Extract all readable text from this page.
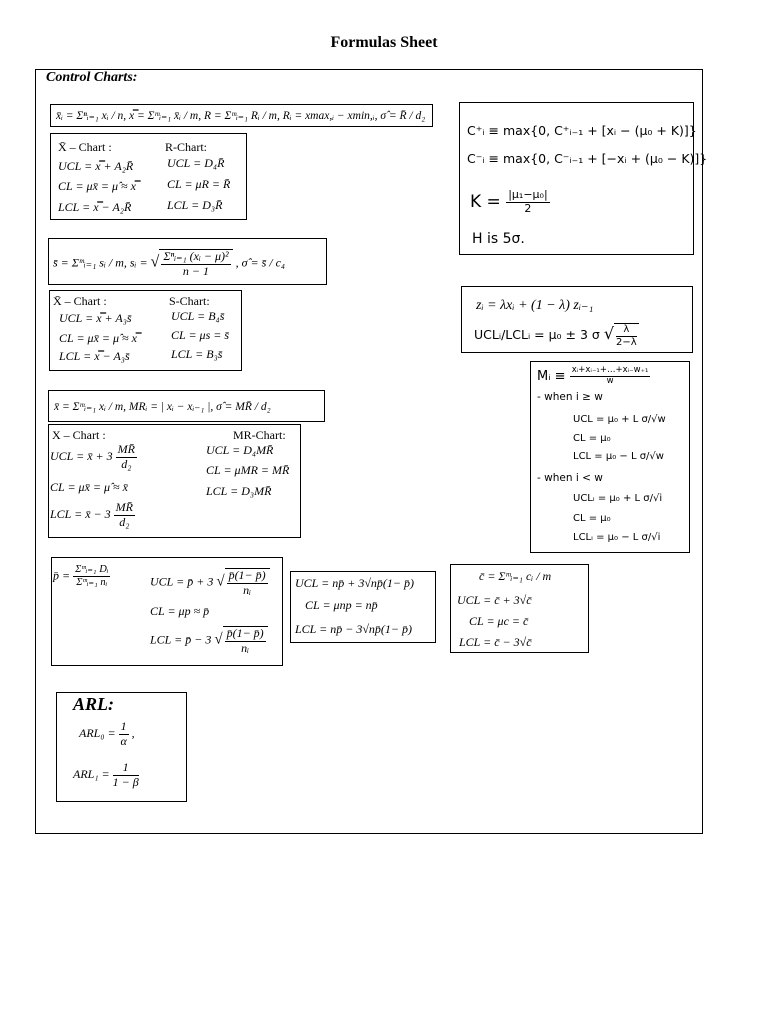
Formulas Sheet
Control Charts:
x̄ᵢ = Σⁿᵢ₌₁ xᵢ / n, x̿ = Σᵐᵢ₌₁ x̄ᵢ / m, R = Σᵐᵢ₌₁ Rᵢ / m, Rᵢ = xmax,ᵢ − xmin,ᵢ, σ̂ = R̄ / d₂
X̄ – Chart :
UCL = x̿ + A₂R̄
CL = μx̄ = μ̂ ≈ x̿
LCL = x̿ − A₂R̄
R-Chart:
UCL = D₄R̄
CL = μR = R̄
LCL = D₃R̄
C⁺ᵢ ≡ max{0, C⁺ᵢ₋₁ + [xᵢ − (μ₀ + K)]}
C⁻ᵢ ≡ max{0, C⁻ᵢ₋₁ + [−xᵢ + (μ₀ − K)]}
$K = \frac{\text{|μ₁−μ₀|}}{2}$
H is 5σ.
s̄ = Σᵐᵢ₌₁ sᵢ / m, sᵢ = √ $\frac{\text{Σⁿᵢ₌₁ (xᵢ − μ)²}}{n - 1}$ , σ̂ = s̄ / c₄
X̄ – Chart :
UCL = x̿ + A₃s̄
CL = μx̄ = μ̂ ≈ x̿
LCL = x̿ − A₃s̄
S-Chart:
UCL = B₄s̄
CL = μs = s̄
LCL = B₃s̄
zᵢ = λxᵢ + (1 − λ) zᵢ₋₁
UCLᵢ/LCLᵢ = μ₀ ± 3 σ √ $\frac{\lambda}{2-\lambda}$
Mᵢ ≡ $\frac{\text{xᵢ+xᵢ₋₁+…+xᵢ₋w₊₁}}{w}$
- when i ≥ w
UCL = μ₀ + L σ/√w
CL = μ₀
LCL = μ₀ − L σ/√w
- when i < w
UCLᵢ = μ₀ + L σ/√i
CL = μ₀
LCLᵢ = μ₀ − L σ/√i
x̄ = Σᵐᵢ₌₁ xᵢ / m, MRᵢ = | xᵢ − xᵢ₋₁ |, σ̂ = MR̄ / d₂
X – Chart :
UCL = x̄ + $3 \frac{MR̄}{\text{d₂}}$
CL = μx̄ = μ̂ ≈ x̄
LCL = x̄ − $3 \frac{MR̄}{\text{d₂}}$
MR-Chart:
UCL = D₄MR̄
CL = μMR = MR̄
LCL = D₃MR̄
p̄ = $\frac{\text{Σᵐᵢ₌₁ Dᵢ}}{\text{Σᵐᵢ₌₁ nᵢ}}$	UCL = p̄ + 3 √ $\frac{p̄(1- p̄)}{\text{nᵢ}}$
CL = μp ≈ p̄
LCL = p̄ − 3 √ $\frac{p̄(1- p̄)}{\text{nᵢ}}$
UCL = np̄ + 3√np̄(1− p̄)
CL = μnp = np̄
LCL = np̄ − 3√np̄(1− p̄)
c̄ = Σᵐᵢ₌₁ cᵢ / m
UCL = c̄ + 3√c̄
CL = μc = c̄
LCL = c̄ − 3√c̄
ARL:
$ARL_0 = \frac{1}{\alpha}$ ,
$ARL_1 = \frac{1}{1 - \beta}$
